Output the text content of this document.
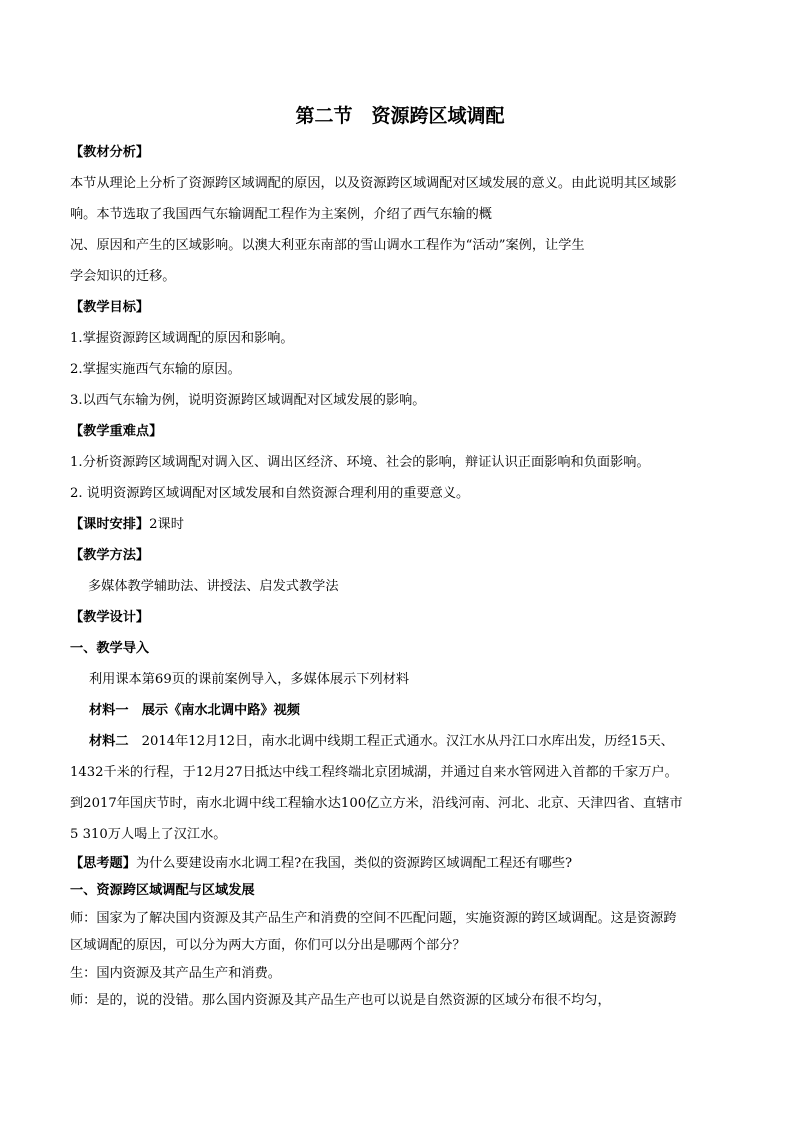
第二节　资源跨区域调配
【教材分析】
本节从理论上分析了资源跨区域调配的原因，以及资源跨区域调配对区域发展的意义。由此说明其区域影
响。本节选取了我国西气东输调配工程作为主案例，介绍了西气东输的概
况、原因和产生的区域影响。以澳大利亚东南部的雪山调水工程作为“活动”案例，让学生
学会知识的迁移。
【教学目标】
1.掌握资源跨区域调配的原因和影响。
2.掌握实施西气东输的原因。
3.以西气东输为例，说明资源跨区域调配对区域发展的影响。
【教学重难点】
1.分析资源跨区域调配对调入区、调出区经济、环境、社会的影响，辩证认识正面影响和负面影响。
2. 说明资源跨区域调配对区域发展和自然资源合理利用的重要意义。
【课时安排】2课时
【教学方法】
多媒体教学辅助法、讲授法、启发式教学法
【教学设计】
一、教学导入
利用课本第69页的课前案例导入，多媒体展示下列材料
材料一　展示《南水北调中路》视频
材料二 2014年12月12日，南水北调中线期工程正式通水。汉江水从丹江口水库出发，历经15天、
1432千米的行程，于12月27日抵达中线工程终端北京团城湖，并通过自来水管网进入首都的千家万户。
到2017年国庆节时，南水北调中线工程输水达100亿立方米，沿线河南、河北、北京、天津四省、直辖市
5 310万人喝上了汉江水。
【思考题】为什么要建设南水北调工程?在我国，类似的资源跨区域调配工程还有哪些?
一、资源跨区域调配与区域发展
师：国家为了解决国内资源及其产品生产和消费的空间不匹配问题，实施资源的跨区域调配。这是资源跨
区域调配的原因，可以分为两大方面，你们可以分出是哪两个部分？
生：国内资源及其产品生产和消费。
师：是的，说的没错。那么国内资源及其产品生产也可以说是自然资源的区域分布很不均匀，
